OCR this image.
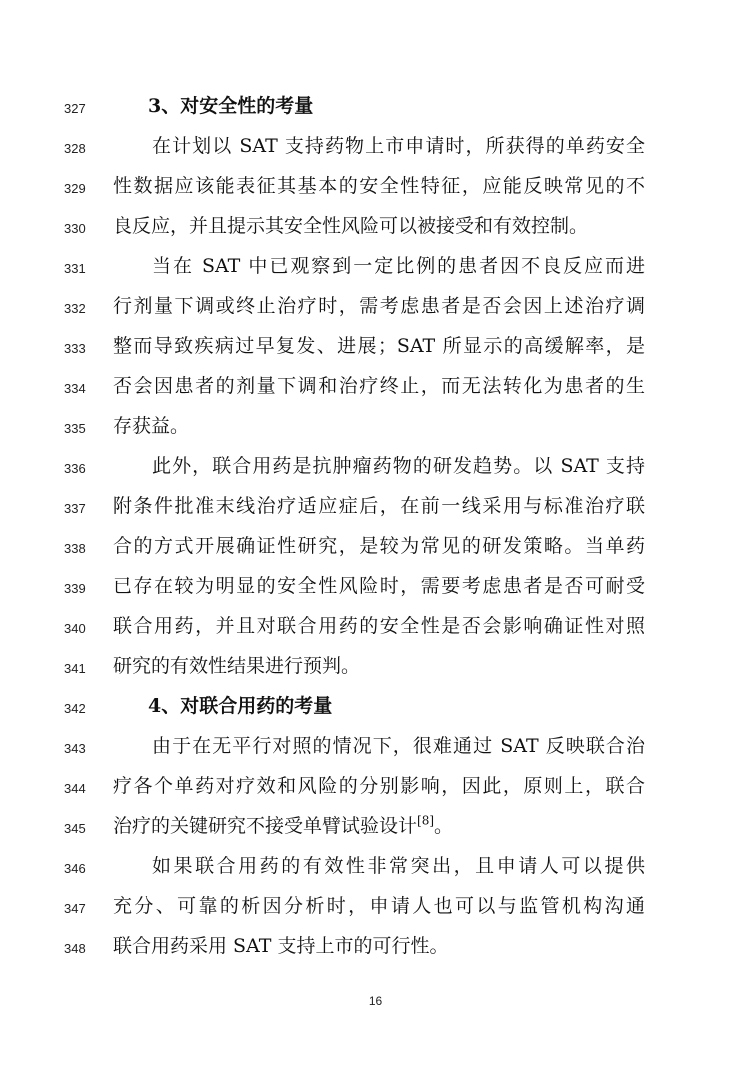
327	3、对安全性的考量
328	在计划以 SAT 支持药物上市申请时，所获得的单药安全
329 性数据应该能表征其基本的安全性特征，应能反映常见的不
330 良反应，并且提示其安全性风险可以被接受和有效控制。
331	当在 SAT 中已观察到一定比例的患者因不良反应而进
332 行剂量下调或终止治疗时，需考虑患者是否会因上述治疗调
333 整而导致疾病过早复发、进展；SAT 所显示的高缓解率，是
334 否会因患者的剂量下调和治疗终止，而无法转化为患者的生
335 存获益。
336	此外，联合用药是抗肿瘤药物的研发趋势。以 SAT 支持
337 附条件批准末线治疗适应症后，在前一线采用与标准治疗联
338 合的方式开展确证性研究，是较为常见的研发策略。当单药
339 已存在较为明显的安全性风险时，需要考虑患者是否可耐受
340 联合用药，并且对联合用药的安全性是否会影响确证性对照
341 研究的有效性结果进行预判。
342	4、对联合用药的考量
343	由于在无平行对照的情况下，很难通过 SAT 反映联合治
344 疗各个单药对疗效和风险的分别影响，因此，原则上，联合
345 治疗的关键研究不接受单臂试验设计[8]。
346	如果联合用药的有效性非常突出，且申请人可以提供
347 充分、可靠的析因分析时，申请人也可以与监管机构沟通
348 联合用药采用 SAT 支持上市的可行性。
16
